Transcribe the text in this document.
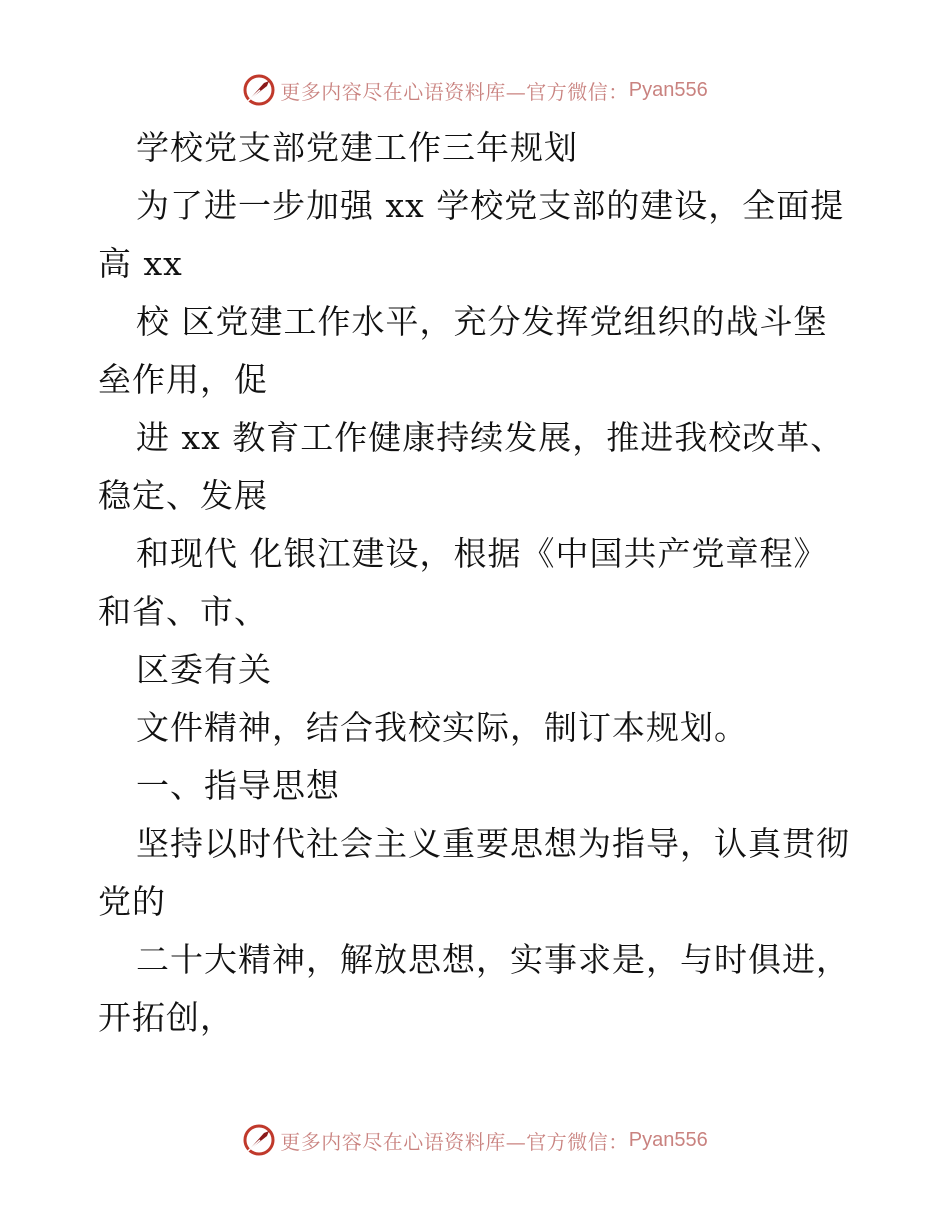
更多内容尽在心语资料库—官方微信： Pyan556
学校党支部党建工作三年规划
为了进一步加强 xx 学校党支部的建设，全面提
高 xx
校 区党建工作水平，充分发挥党组织的战斗堡
垒作用，促
进 xx 教育工作健康持续发展，推进我校改革、
稳定、发展
和现代 化银江建设，根据《中国共产党章程》
和省、市、
区委有关
文件精神，结合我校实际，制订本规划。
一、指导思想
坚持以时代社会主义重要思想为指导，认真贯彻
党的
二十大精神，解放思想，实事求是，与时俱进，
开拓创，
更多内容尽在心语资料库—官方微信： Pyan556
